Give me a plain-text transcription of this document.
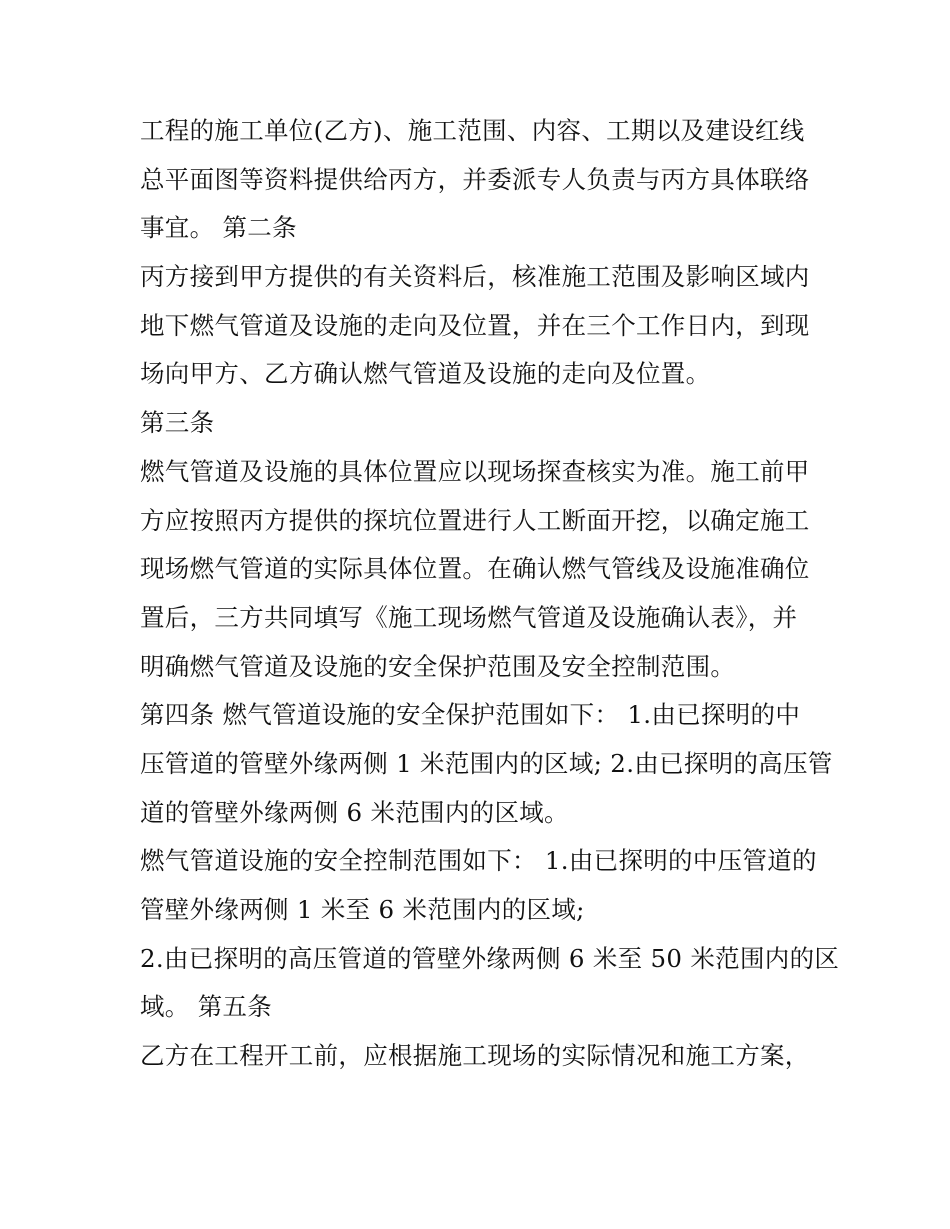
工程的施工单位(乙方)、施工范围、内容、工期以及建设红线
总平面图等资料提供给丙方，并委派专人负责与丙方具体联络
事宜。 第二条
丙方接到甲方提供的有关资料后，核准施工范围及影响区域内
地下燃气管道及设施的走向及位置，并在三个工作日内，到现
场向甲方、乙方确认燃气管道及设施的走向及位置。
第三条
燃气管道及设施的具体位置应以现场探查核实为准。施工前甲
方应按照丙方提供的探坑位置进行人工断面开挖，以确定施工
现场燃气管道的实际具体位置。在确认燃气管线及设施准确位
置后，三方共同填写《施工现场燃气管道及设施确认表》，并
明确燃气管道及设施的安全保护范围及安全控制范围。
第四条 燃气管道设施的安全保护范围如下： 1.由已探明的中
压管道的管壁外缘两侧 1 米范围内的区域; 2.由已探明的高压管
道的管壁外缘两侧 6 米范围内的区域。
燃气管道设施的安全控制范围如下： 1.由已探明的中压管道的
管壁外缘两侧 1 米至 6 米范围内的区域;
2.由已探明的高压管道的管壁外缘两侧 6 米至 50 米范围内的区
域。 第五条
乙方在工程开工前，应根据施工现场的实际情况和施工方案，
